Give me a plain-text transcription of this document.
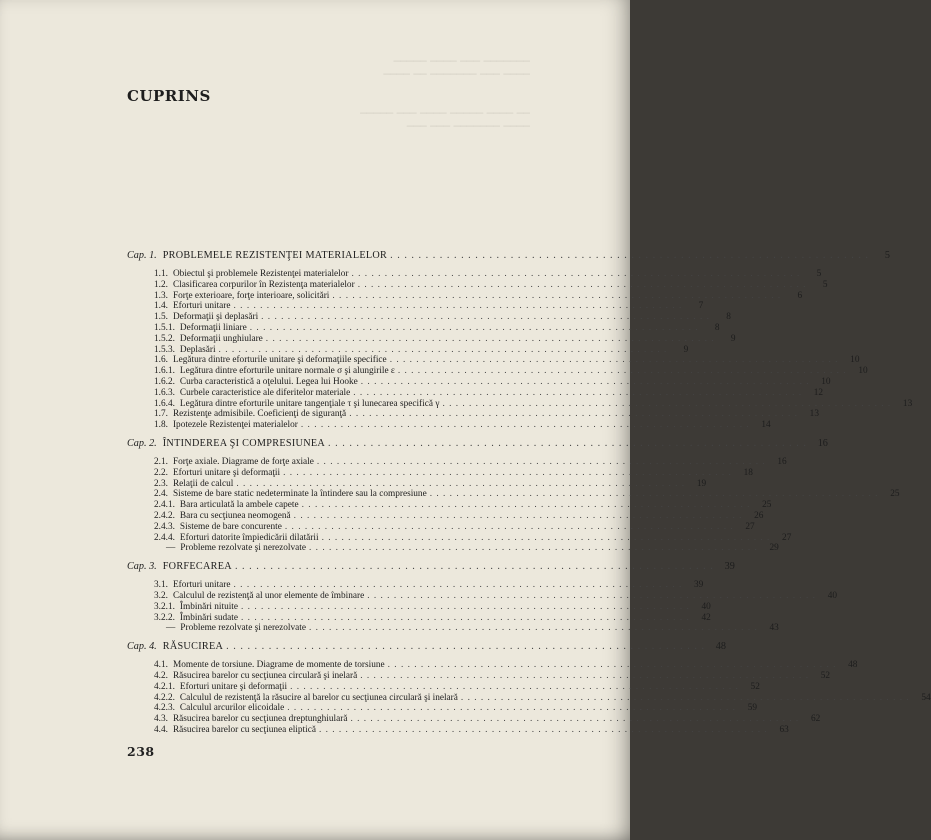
─────── ─── ──── ─────
──── ─── ─────── ── ────

── ──── ───── ──── ─── ─────
──── ─────── ─── ───
CUPRINS
Cap. 1. PROBLEMELE REZISTENŢEI MATERIALELOR . . . . . . . . . . . . . . . . . . . . . . . . . . . . . . . . . . . . . . . . . . . . . . . . . . . . . . . . . . . . . . . . . . . .	5
1.1. Obiectul şi problemele Rezistenţei materialelor . . . . . . . . . . . . . . . . . . . . . . . . . . . . . . . . . . . . . . . . . . . . . . . . . . . . . . . . . . . . . . . . . . . .	5
1.2. Clasificarea corpurilor în Rezistenţa materialelor . . . . . . . . . . . . . . . . . . . . . . . . . . . . . . . . . . . . . . . . . . . . . . . . . . . . . . . . . . . . . . . . . . . .	5
1.3. Forţe exterioare, forţe interioare, solicitări . . . . . . . . . . . . . . . . . . . . . . . . . . . . . . . . . . . . . . . . . . . . . . . . . . . . . . . . . . . . . . . . . . . .	6
1.4. Eforturi unitare . . . . . . . . . . . . . . . . . . . . . . . . . . . . . . . . . . . . . . . . . . . . . . . . . . . . . . . . . . . . . . . . . . . .	7
1.5. Deformaţii şi deplasări . . . . . . . . . . . . . . . . . . . . . . . . . . . . . . . . . . . . . . . . . . . . . . . . . . . . . . . . . . . . . . . . . . . .	8
1.5.1. Deformaţii liniare . . . . . . . . . . . . . . . . . . . . . . . . . . . . . . . . . . . . . . . . . . . . . . . . . . . . . . . . . . . . . . . . . . . .	8
1.5.2. Deformaţii unghiulare . . . . . . . . . . . . . . . . . . . . . . . . . . . . . . . . . . . . . . . . . . . . . . . . . . . . . . . . . . . . . . . . . . . .	9
1.5.3. Deplasări . . . . . . . . . . . . . . . . . . . . . . . . . . . . . . . . . . . . . . . . . . . . . . . . . . . . . . . . . . . . . . . . . . . .	9
1.6. Legătura dintre eforturile unitare şi deformaţiile specifice . . . . . . . . . . . . . . . . . . . . . . . . . . . . . . . . . . . . . . . . . . . . . . . . . . . . . . . . . . . . . . . . . . . .	10
1.6.1. Legătura dintre eforturile unitare normale σ şi alungirile ε . . . . . . . . . . . . . . . . . . . . . . . . . . . . . . . . . . . . . . . . . . . . . . . . . . . . . . . . . . . . . . . . . . . .	10
1.6.2. Curba caracteristică a oţelului. Legea lui Hooke . . . . . . . . . . . . . . . . . . . . . . . . . . . . . . . . . . . . . . . . . . . . . . . . . . . . . . . . . . . . . . . . . . . .	10
1.6.3. Curbele caracteristice ale diferitelor materiale . . . . . . . . . . . . . . . . . . . . . . . . . . . . . . . . . . . . . . . . . . . . . . . . . . . . . . . . . . . . . . . . . . . .	12
1.6.4. Legătura dintre eforturile unitare tangenţiale τ şi lunecarea specifică γ . . . . . . . . . . . . . . . . . . . . . . . . . . . . . . . . . . . . . . . . . . . . . . . . . . . . . . . . . . . . . . . . . . . .	13
1.7. Rezistenţe admisibile. Coeficienţi de siguranţă . . . . . . . . . . . . . . . . . . . . . . . . . . . . . . . . . . . . . . . . . . . . . . . . . . . . . . . . . . . . . . . . . . . .	13
1.8. Ipotezele Rezistenţei materialelor . . . . . . . . . . . . . . . . . . . . . . . . . . . . . . . . . . . . . . . . . . . . . . . . . . . . . . . . . . . . . . . . . . . .	14
Cap. 2. ÎNTINDEREA ŞI COMPRESIUNEA . . . . . . . . . . . . . . . . . . . . . . . . . . . . . . . . . . . . . . . . . . . . . . . . . . . . . . . . . . . . . . . . . . . .	16
2.1. Forţe axiale. Diagrame de forţe axiale . . . . . . . . . . . . . . . . . . . . . . . . . . . . . . . . . . . . . . . . . . . . . . . . . . . . . . . . . . . . . . . . . . . .	16
2.2. Eforturi unitare şi deformaţii . . . . . . . . . . . . . . . . . . . . . . . . . . . . . . . . . . . . . . . . . . . . . . . . . . . . . . . . . . . . . . . . . . . .	18
2.3. Relaţii de calcul . . . . . . . . . . . . . . . . . . . . . . . . . . . . . . . . . . . . . . . . . . . . . . . . . . . . . . . . . . . . . . . . . . . .	19
2.4. Sisteme de bare static nedeterminate la întindere sau la compresiune . . . . . . . . . . . . . . . . . . . . . . . . . . . . . . . . . . . . . . . . . . . . . . . . . . . . . . . . . . . . . . . . . . . .	25
2.4.1. Bara articulată la ambele capete . . . . . . . . . . . . . . . . . . . . . . . . . . . . . . . . . . . . . . . . . . . . . . . . . . . . . . . . . . . . . . . . . . . .	25
2.4.2. Bara cu secţiunea neomogenă . . . . . . . . . . . . . . . . . . . . . . . . . . . . . . . . . . . . . . . . . . . . . . . . . . . . . . . . . . . . . . . . . . . .	26
2.4.3. Sisteme de bare concurente . . . . . . . . . . . . . . . . . . . . . . . . . . . . . . . . . . . . . . . . . . . . . . . . . . . . . . . . . . . . . . . . . . . .	27
2.4.4. Eforturi datorite împiedicării dilatării . . . . . . . . . . . . . . . . . . . . . . . . . . . . . . . . . . . . . . . . . . . . . . . . . . . . . . . . . . . . . . . . . . . .	27
— Probleme rezolvate şi nerezolvate . . . . . . . . . . . . . . . . . . . . . . . . . . . . . . . . . . . . . . . . . . . . . . . . . . . . . . . . . . . . . . . . . . . .	29
Cap. 3. FORFECAREA . . . . . . . . . . . . . . . . . . . . . . . . . . . . . . . . . . . . . . . . . . . . . . . . . . . . . . . . . . . . . . . . . . . .	39
3.1. Eforturi unitare . . . . . . . . . . . . . . . . . . . . . . . . . . . . . . . . . . . . . . . . . . . . . . . . . . . . . . . . . . . . . . . . . . . .	39
3.2. Calculul de rezistenţă al unor elemente de îmbinare . . . . . . . . . . . . . . . . . . . . . . . . . . . . . . . . . . . . . . . . . . . . . . . . . . . . . . . . . . . . . . . . . . . .	40
3.2.1. Îmbinări nituite . . . . . . . . . . . . . . . . . . . . . . . . . . . . . . . . . . . . . . . . . . . . . . . . . . . . . . . . . . . . . . . . . . . .	40
3.2.2. Îmbinări sudate . . . . . . . . . . . . . . . . . . . . . . . . . . . . . . . . . . . . . . . . . . . . . . . . . . . . . . . . . . . . . . . . . . . .	42
— Probleme rezolvate şi nerezolvate . . . . . . . . . . . . . . . . . . . . . . . . . . . . . . . . . . . . . . . . . . . . . . . . . . . . . . . . . . . . . . . . . . . .	43
Cap. 4. RĂSUCIREA . . . . . . . . . . . . . . . . . . . . . . . . . . . . . . . . . . . . . . . . . . . . . . . . . . . . . . . . . . . . . . . . . . . .	48
4.1. Momente de torsiune. Diagrame de momente de torsiune . . . . . . . . . . . . . . . . . . . . . . . . . . . . . . . . . . . . . . . . . . . . . . . . . . . . . . . . . . . . . . . . . . . .	48
4.2. Răsucirea barelor cu secţiunea circulară şi inelară . . . . . . . . . . . . . . . . . . . . . . . . . . . . . . . . . . . . . . . . . . . . . . . . . . . . . . . . . . . . . . . . . . . .	52
4.2.1. Eforturi unitare şi deformaţii . . . . . . . . . . . . . . . . . . . . . . . . . . . . . . . . . . . . . . . . . . . . . . . . . . . . . . . . . . . . . . . . . . . .	52
4.2.2. Calculul de rezistenţă la răsucire al barelor cu secţiunea circulară şi inelară . . . . . . . . . . . . . . . . . . . . . . . . . . . . . . . . . . . . . . . . . . . . . . . . . . . . . . . . . . . . . . . . . . . .	54
4.2.3. Calculul arcurilor elicoidale . . . . . . . . . . . . . . . . . . . . . . . . . . . . . . . . . . . . . . . . . . . . . . . . . . . . . . . . . . . . . . . . . . . .	59
4.3. Răsucirea barelor cu secţiunea dreptunghiulară . . . . . . . . . . . . . . . . . . . . . . . . . . . . . . . . . . . . . . . . . . . . . . . . . . . . . . . . . . . . . . . . . . . .	62
4.4. Răsucirea barelor cu secţiunea eliptică . . . . . . . . . . . . . . . . . . . . . . . . . . . . . . . . . . . . . . . . . . . . . . . . . . . . . . . . . . . . . . . . . . . .	63
238
